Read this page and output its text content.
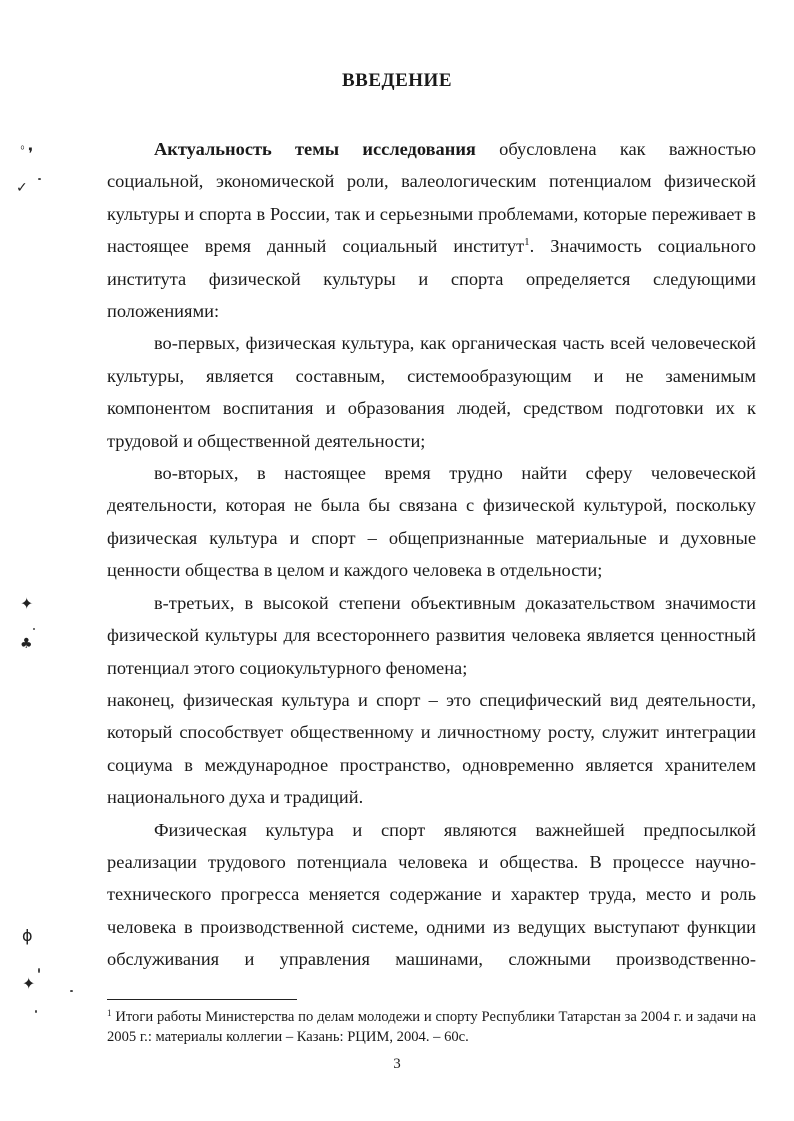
ВВЕДЕНИЕ

Актуальность темы исследования обусловлена как важностью социальной, экономической роли, валеологическим потенциалом физической культуры и спорта в России, так и серьезными проблемами, которые переживает в настоящее время данный социальный институт$^1$. Значимость социального института физической культуры и спорта определяется следующими положениями:

во-первых, физическая культура, как органическая часть всей человеческой культуры, является составным, системообразующим и не заменимым компонентом воспитания и образования людей, средством подготовки их к трудовой и общественной деятельности;

во-вторых, в настоящее время трудно найти сферу человеческой деятельности, которая не была бы связана с физической культурой, поскольку физическая культура и спорт – общепризнанные материальные и духовные ценности общества в целом и каждого человека в отдельности;

в-третьих, в высокой степени объективным доказательством значимости физической культуры для всестороннего развития человека является ценностный потенциал этого социокультурного феномена;

наконец, физическая культура и спорт – это специфический вид деятельности, который способствует общественному и личностному росту, служит интеграции социума в международное пространство, одновременно является хранителем национального духа и традиций.

Физическая культура и спорт являются важнейшей предпосылкой реализации трудового потенциала человека и общества. В процессе научно-технического прогресса меняется содержание и характер труда, место и роль человека в производственной системе, одними из ведущих выступают функции обслуживания и управления машинами, сложными производственно-

$^1$ Итоги работы Министерства по делам молодежи и спорту Республики Татарстан за 2004 г. и задачи на 2005 г.: материалы коллегии – Казань: РЦИМ, 2004. – 60с.
3
ﾟ❜
✓
✦
♣
ϕ
✦
